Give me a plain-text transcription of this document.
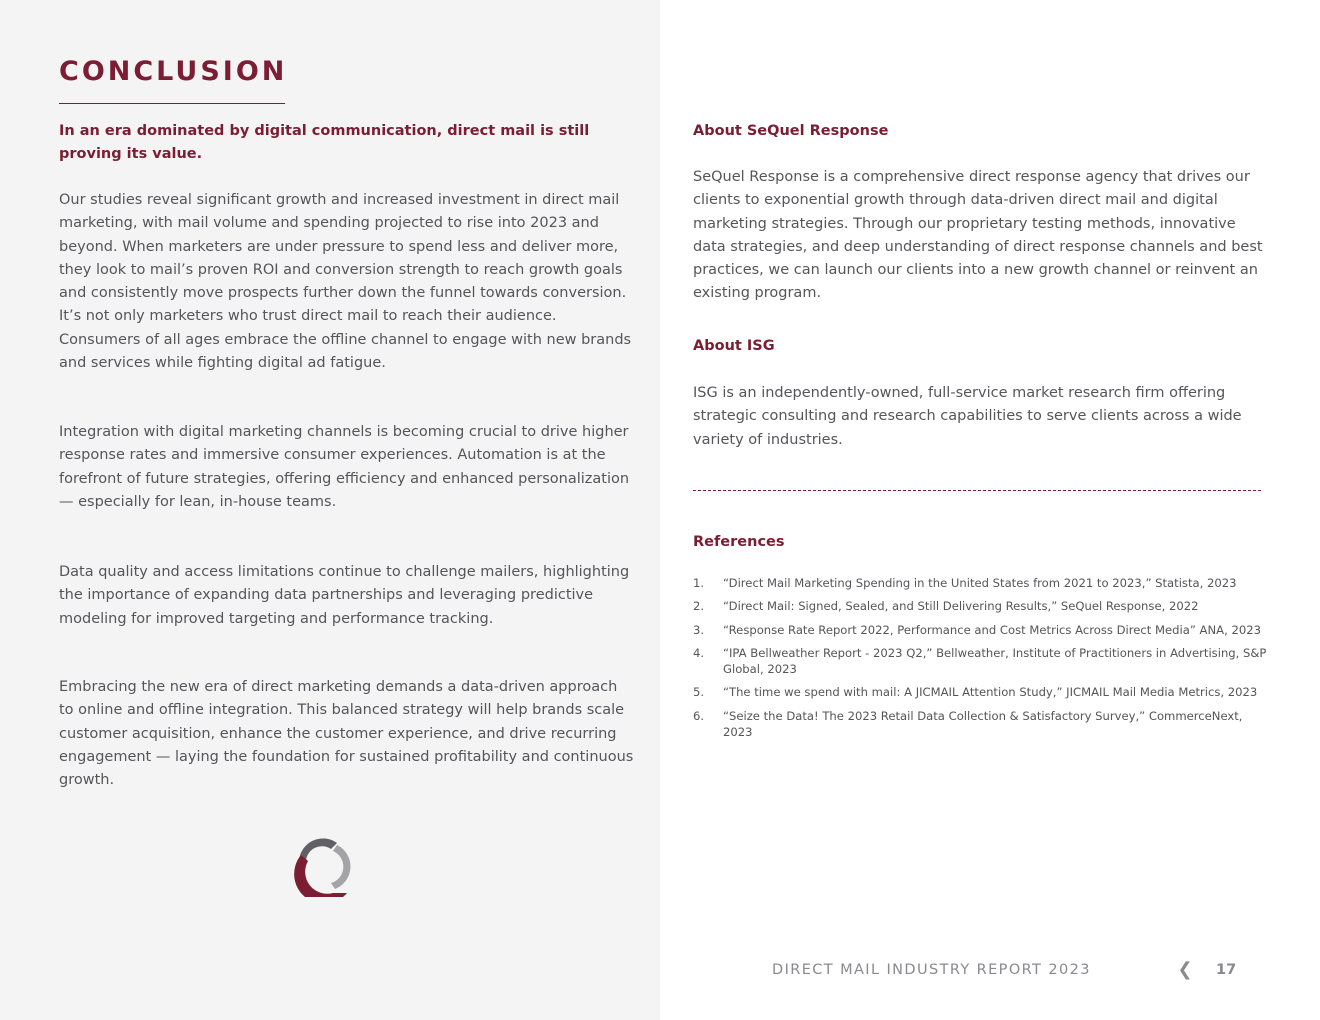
CONCLUSION

In an era dominated by digital communication, direct mail is still proving its value.

Our studies reveal significant growth and increased investment in direct mail marketing, with mail volume and spending projected to rise into 2023 and beyond. When marketers are under pressure to spend less and deliver more, they look to mail’s proven ROI and conversion strength to reach growth goals and consistently move prospects further down the funnel towards conversion. It’s not only marketers who trust direct mail to reach their audience. Consumers of all ages embrace the offline channel to engage with new brands and services while fighting digital ad fatigue.

Integration with digital marketing channels is becoming crucial to drive higher response rates and immersive consumer experiences. Automation is at the forefront of future strategies, offering efficiency and enhanced personalization — especially for lean, in-house teams.

Data quality and access limitations continue to challenge mailers, highlighting the importance of expanding data partnerships and leveraging predictive modeling for improved targeting and performance tracking.

Embracing the new era of direct marketing demands a data-driven approach to online and offline integration. This balanced strategy will help brands scale customer acquisition, enhance the customer experience, and drive recurring engagement — laying the foundation for sustained profitability and continuous growth.

About SeQuel Response

SeQuel Response is a comprehensive direct response agency that drives our clients to exponential growth through data-driven direct mail and digital marketing strategies. Through our proprietary testing methods, innovative data strategies, and deep understanding of direct response channels and best practices, we can launch our clients into a new growth channel or reinvent an existing program.

About ISG

ISG is an independently-owned, full-service market research firm offering strategic consulting and research capabilities to serve clients across a wide variety of industries.

References
1. “Direct Mail Marketing Spending in the United States from 2021 to 2023,” Statista, 2023
2. “Direct Mail: Signed, Sealed, and Still Delivering Results,” SeQuel Response, 2022
3. “Response Rate Report 2022, Performance and Cost Metrics Across Direct Media” ANA, 2023
4. “IPA Bellweather Report - 2023 Q2,” Bellweather, Institute of Practitioners in Advertising, S&P Global, 2023
5. “The time we spend with mail: A JICMAIL Attention Study,” JICMAIL Mail Media Metrics, 2023
6. “Seize the Data! The 2023 Retail Data Collection & Satisfactory Survey,” CommerceNext, 2023

DIRECT MAIL INDUSTRY REPORT 2023	❮ 17
